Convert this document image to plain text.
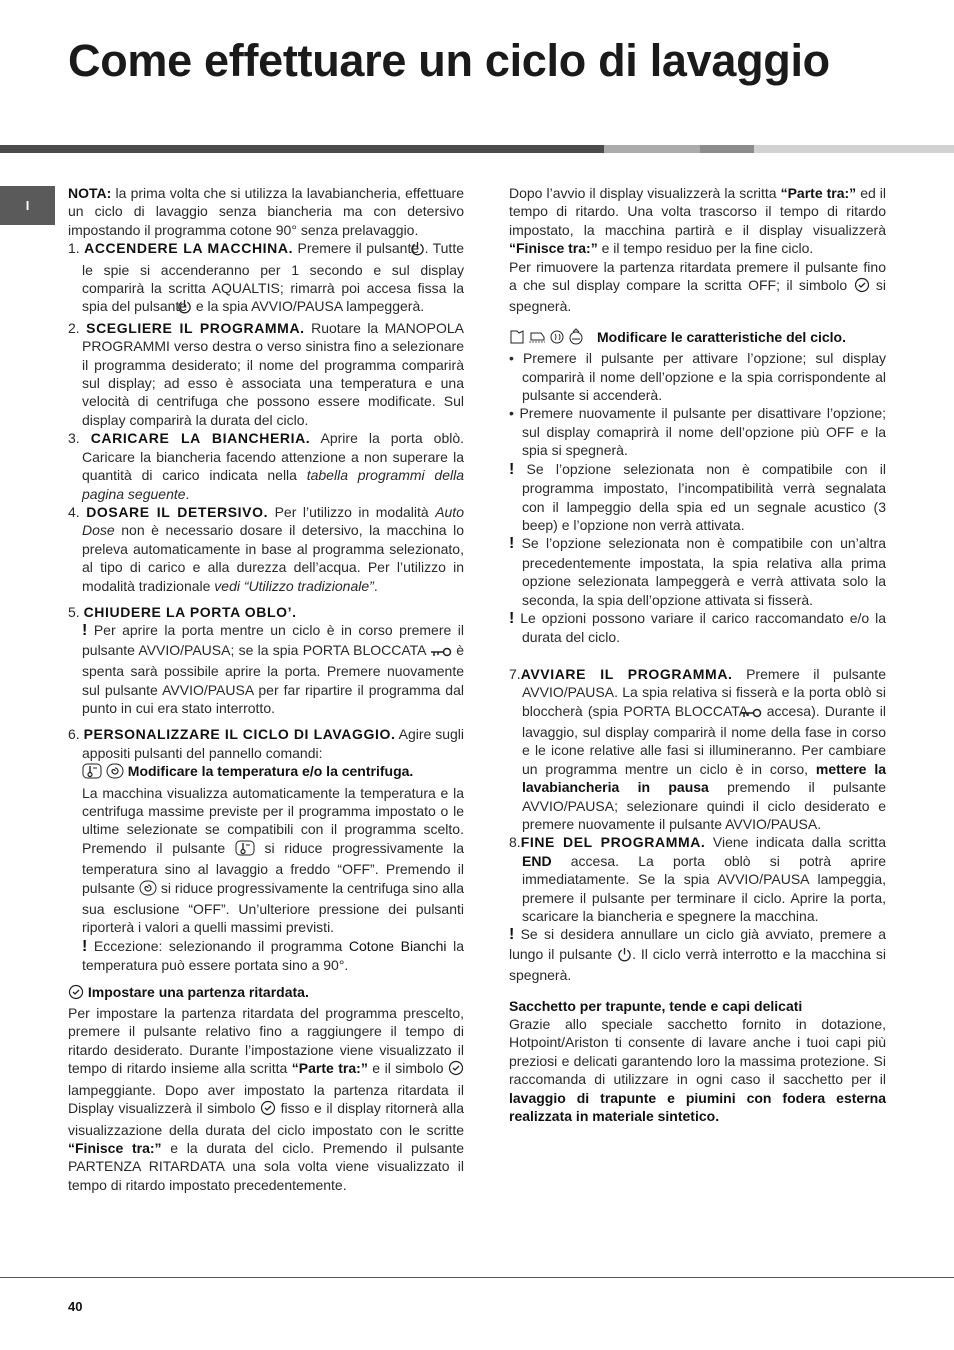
Come effettuare un ciclo di lavaggio
I

NOTA: la prima volta che si utilizza la lavabiancheria, effettuare un ciclo di lavaggio senza biancheria ma con detersivo impostando il programma cotone 90° senza prelavaggio.

1. ACCENDERE LA MACCHINA. Premere il pulsante . Tutte le spie si accenderanno per 1 secondo e sul display comparirà la scritta AQUALTIS; rimarrà poi accesa fissa la spia del pulsante  e la spia AVVIO/PAUSA lampeggerà.

2. SCEGLIERE IL PROGRAMMA. Ruotare la MANOPOLA PROGRAMMI verso destra o verso sinistra fino a selezionare il programma desiderato; il nome del programma comparirà sul display; ad esso è associata una temperatura e una velocità di centrifuga che possono essere modificate. Sul display comparirà la durata del ciclo.

3. CARICARE LA BIANCHERIA. Aprire la porta oblò. Caricare la biancheria facendo attenzione a non superare la quantità di carico indicata nella tabella programmi della pagina seguente.

4. DOSARE IL DETERSIVO. Per l’utilizzo in modalità Auto Dose non è necessario dosare il detersivo, la macchina lo preleva automaticamente in base al programma selezionato, al tipo di carico e alla durezza dell’acqua. Per l’utilizzo in modalità tradizionale vedi “Utilizzo tradizionale”.

5. CHIUDERE LA PORTA OBLO’.

! Per aprire la porta mentre un ciclo è in corso premere il pulsante AVVIO/PAUSA; se la spia PORTA BLOCCATA  è spenta sarà possibile aprire la porta. Premere nuovamente sul pulsante AVVIO/PAUSA per far ripartire il programma dal punto in cui era stato interrotto.

6. PERSONALIZZARE IL CICLO DI LAVAGGIO. Agire sugli appositi pulsanti del pannello comandi:

Modificare la temperatura e/o la centrifuga.

La macchina visualizza automaticamente la temperatura e la centrifuga massime previste per il programma impostato o le ultime selezionate se compatibili con il programma scelto. Premendo il pulsante  si riduce progressivamente la temperatura sino al lavaggio a freddo “OFF”. Premendo il pulsante  si riduce progressivamente la centrifuga sino alla sua esclusione “OFF”. Un’ulteriore pressione dei pulsanti riporterà i valori a quelli massimi previsti.

! Eccezione: selezionando il programma Cotone Bianchi la temperatura può essere portata sino a 90°.

Impostare una partenza ritardata.

Per impostare la partenza ritardata del programma prescelto, premere il pulsante relativo fino a raggiungere il tempo di ritardo desiderato. Durante l’impostazione viene visualizzato il tempo di ritardo insieme alla scritta “Parte tra:” e il simbolo  lampeggiante. Dopo aver impostato la partenza ritardata il Display visualizzerà il simbolo  fisso e il display ritornerà alla visualizzazione della durata del ciclo impostato con le scritte “Finisce tra:” e la durata del ciclo. Premendo il pulsante PARTENZA RITARDATA una sola volta viene visualizzato il tempo di ritardo impostato precedentemente.

Dopo l’avvio il display visualizzerà la scritta “Parte tra:” ed il tempo di ritardo. Una volta trascorso il tempo di ritardo impostato, la macchina partirà e il display visualizzerà “Finisce tra:” e il tempo residuo per la fine ciclo.

Per rimuovere la partenza ritardata premere il pulsante fino a che sul display compare la scritta OFF; il simbolo  si spegnerà.

Modificare le caratteristiche del ciclo.

• Premere il pulsante per attivare l’opzione; sul display comparirà il nome dell’opzione e la spia corrispondente al pulsante si accenderà.

• Premere nuovamente il pulsante per disattivare l’opzione; sul display comaprirà il nome dell’opzione più OFF e la spia si spegnerà.

! Se l’opzione selezionata non è compatibile con il programma impostato, l’incompatibilità verrà segnalata con il lampeggio della spia ed un segnale acustico (3 beep) e l’opzione non verrà attivata.

! Se l’opzione selezionata non è compatibile con un’altra precedentemente impostata, la spia relativa alla prima opzione selezionata lampeggerà e verrà attivata solo la seconda, la spia dell’opzione attivata si fisserà.

! Le opzioni possono variare il carico raccomandato e/o la durata del ciclo.

7.AVVIARE IL PROGRAMMA. Premere il pulsante AVVIO/PAUSA. La spia relativa si fisserà e la porta oblò si bloccherà (spia PORTA BLOCCATA  accesa). Durante il lavaggio, sul display comparirà il nome della fase in corso e le icone relative alle fasi si illumineranno. Per cambiare un programma mentre un ciclo è in corso, mettere la lavabiancheria in pausa premendo il pulsante AVVIO/PAUSA; selezionare quindi il ciclo desiderato e premere nuovamente il pulsante AVVIO/PAUSA.

8.FINE DEL PROGRAMMA. Viene indicata dalla scritta END accesa. La porta oblò si potrà aprire immediatamente. Se la spia AVVIO/PAUSA lampeggia, premere il pulsante per terminare il ciclo. Aprire la porta, scaricare la biancheria e spegnere la macchina.

! Se si desidera annullare un ciclo già avviato, premere a lungo il pulsante . Il ciclo verrà interrotto e la macchina si spegnerà.

Sacchetto per trapunte, tende e capi delicati

Grazie allo speciale sacchetto fornito in dotazione, Hotpoint/Ariston ti consente di lavare anche i tuoi capi più preziosi e delicati garantendo loro la massima protezione. Si raccomanda di utilizzare in ogni caso il sacchetto per il lavaggio di trapunte e piumini con fodera esterna realizzata in materiale sintetico.

40
